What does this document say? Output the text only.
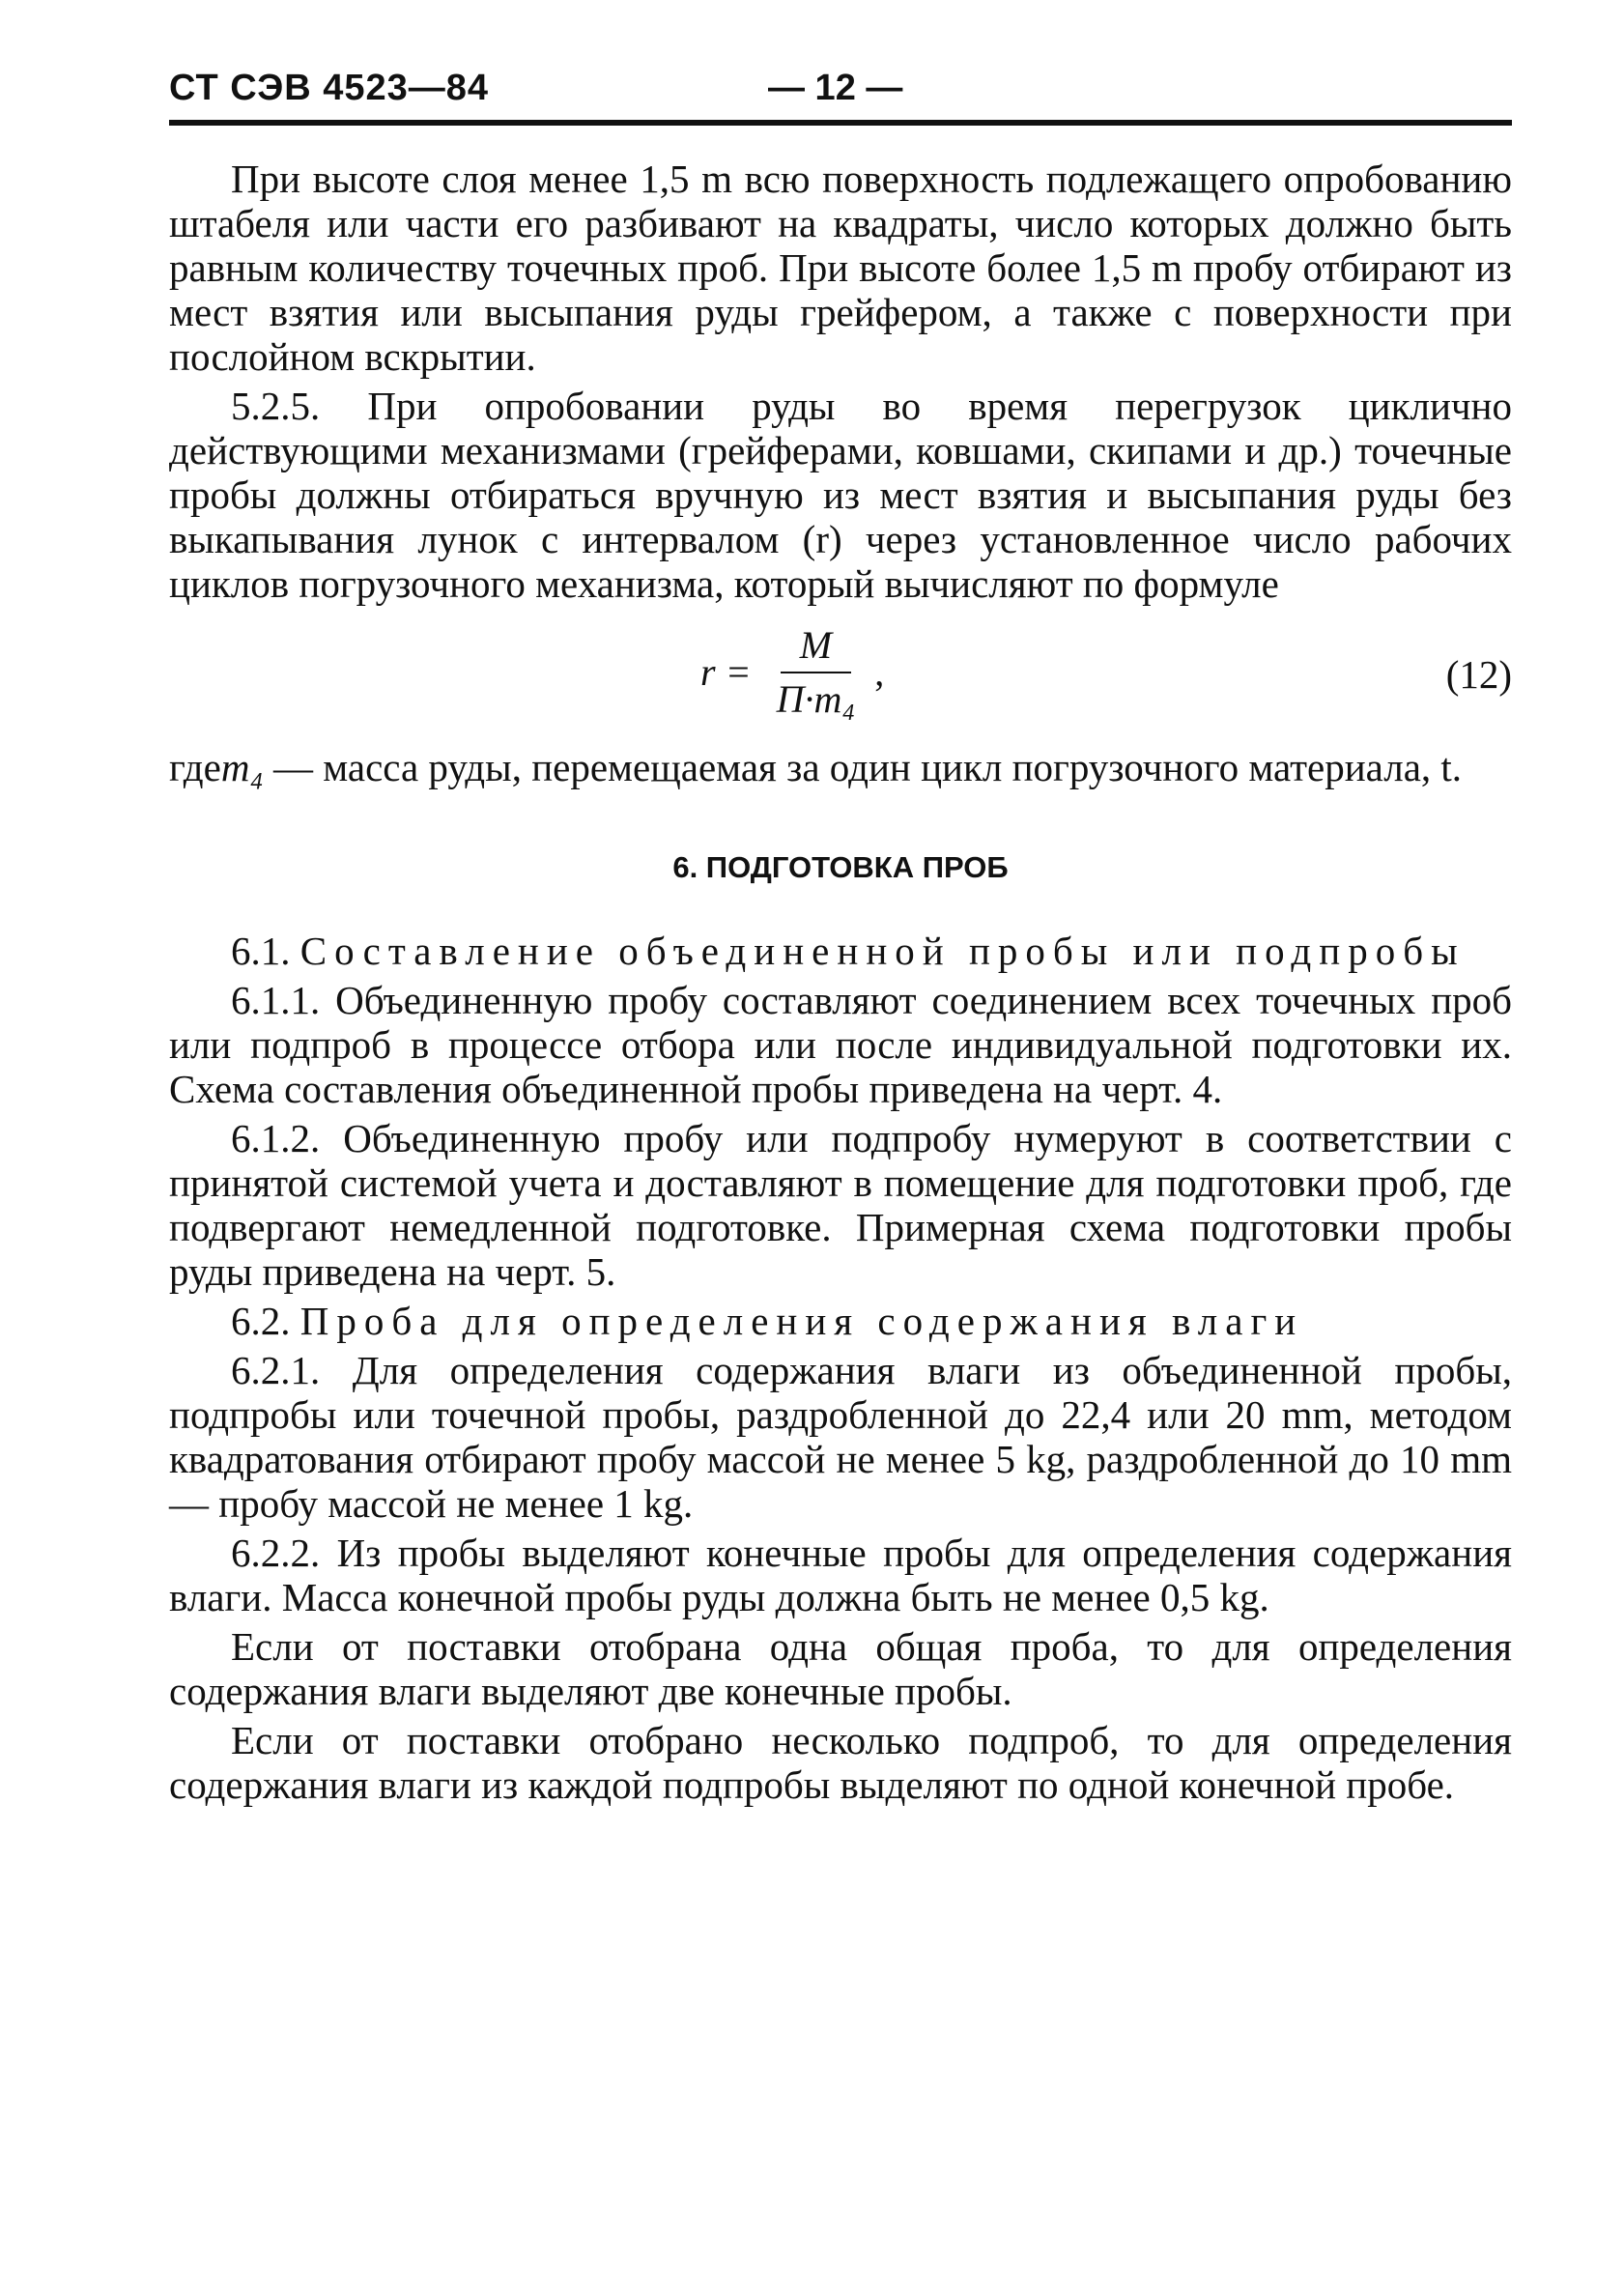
СТ СЭВ 4523—84	— 12 —

При высоте слоя менее 1,5 m всю поверхность подлежащего опробованию штабеля или части его разбивают на квадраты, число которых должно быть равным количеству точечных проб. При высоте более 1,5 m пробу отбирают из мест взятия или высыпания руды грейфером, а также с поверхности при послойном вскрытии.

5.2.5. При опробовании руды во время перегрузок циклично действующими механизмами (грейферами, ковшами, скипами и др.) точечные пробы должны отбираться вручную из мест взятия и высыпания руды без выкапывания лунок с интервалом (r) через установленное число рабочих циклов погрузочного механизма, который вычисляют по формуле

$r = \frac{M}{\text{П·m₄}}$ ,	(12)
где m₄ — масса руды, перемещаемая за один цикл погрузочного материала, t.
6. ПОДГОТОВКА ПРОБ

6.1. Составление объединенной пробы или подпробы

6.1.1. Объединенную пробу составляют соединением всех точечных проб или подпроб в процессе отбора или после индивидуальной подготовки их. Схема составления объединенной пробы приведена на черт. 4.

6.1.2. Объединенную пробу или подпробу нумеруют в соответствии с принятой системой учета и доставляют в помещение для подготовки проб, где подвергают немедленной подготовке. Примерная схема подготовки пробы руды приведена на черт. 5.

6.2. Проба для определения содержания влаги

6.2.1. Для определения содержания влаги из объединенной пробы, подпробы или точечной пробы, раздробленной до 22,4 или 20 mm, методом квадратования отбирают пробу массой не менее 5 kg, раздробленной до 10 mm — пробу массой не менее 1 kg.

6.2.2. Из пробы выделяют конечные пробы для определения содержания влаги. Масса конечной пробы руды должна быть не менее 0,5 kg.

Если от поставки отобрана одна общая проба, то для определения содержания влаги выделяют две конечные пробы.

Если от поставки отобрано несколько подпроб, то для определения содержания влаги из каждой подпробы выделяют по одной конечной пробе.
